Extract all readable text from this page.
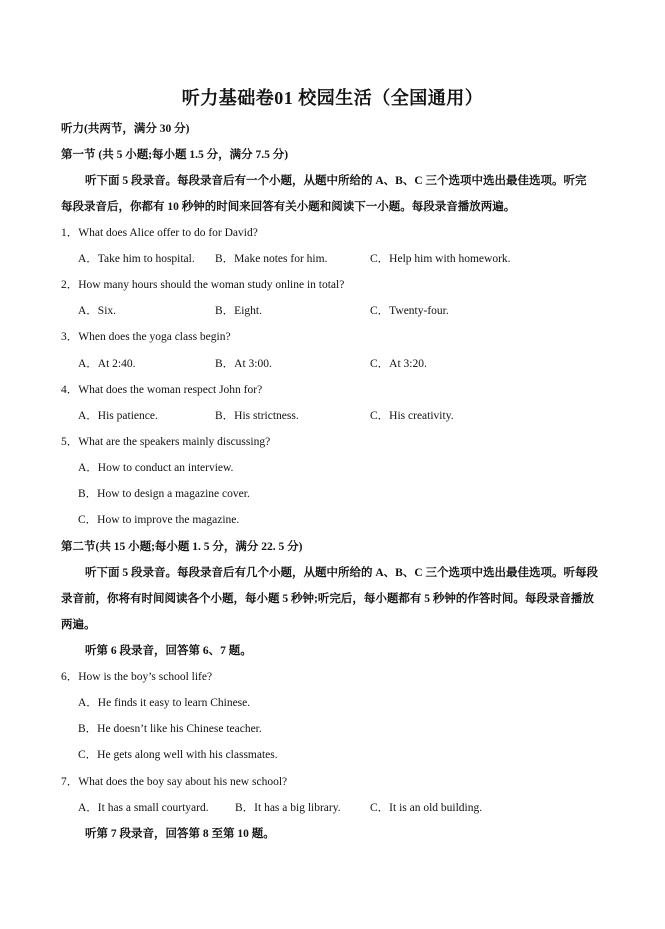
听力基础卷01 校园生活（全国通用）
听力(共两节，满分 30 分)
第一节 (共 5 小题;每小题 1.5 分，满分 7.5 分)
听下面 5 段录音。每段录音后有一个小题，从题中所给的 A、B、C 三个选项中选出最佳选项。听完
每段录音后，你都有 10 秒钟的时间来回答有关小题和阅读下一小题。每段录音播放两遍。
1．What does Alice offer to do for David?
A．Take him to hospital. B．Make notes for him.	C．Help him with homework.
2．How many hours should the woman study online in total?
A．Six.	B．Eight.	C．Twenty-four.
3．When does the yoga class begin?
A．At 2:40.	B．At 3:00.	C．At 3:20.
4．What does the woman respect John for?
A．His patience.	B．His strictness.	C．His creativity.
5．What are the speakers mainly discussing?
A．How to conduct an interview.
B．How to design a magazine cover.
C．How to improve the magazine.
第二节(共 15 小题;每小题 1. 5 分，满分 22. 5 分)
听下面 5 段录音。每段录音后有几个小题，从题中所给的 A、B、C 三个选项中选出最佳选项。听每段
录音前，你将有时间阅读各个小题，每小题 5 秒钟;听完后，每小题都有 5 秒钟的作答时间。每段录音播放
两遍。
听第 6 段录音，回答第 6、7 题。
6．How is the boy’s school life?
A．He finds it easy to learn Chinese.
B．He doesn’t like his Chinese teacher.
C．He gets along well with his classmates.
7．What does the boy say about his new school?
A．It has a small courtyard. B．It has a big library.	C．It is an old building.
听第 7 段录音，回答第 8 至第 10 题。
